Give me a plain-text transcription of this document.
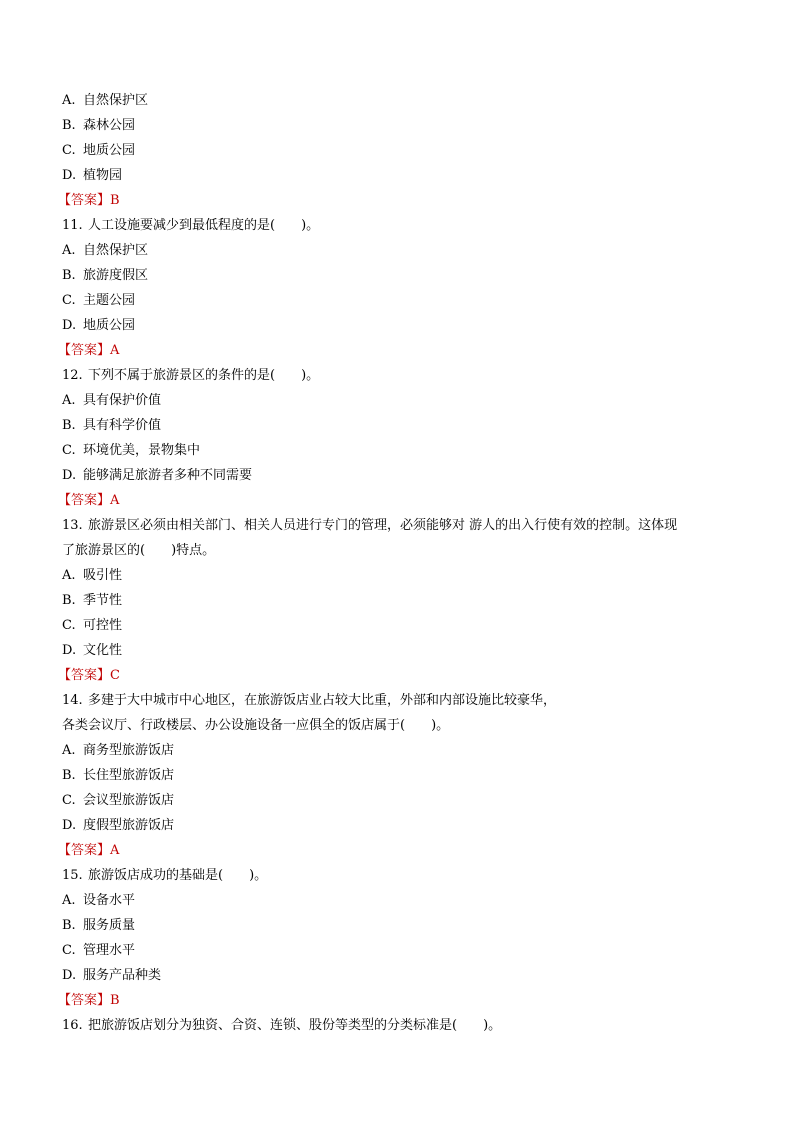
A. 自然保护区
B. 森林公园
C. 地质公园
D. 植物园
【答案】B
11. 人工设施要减少到最低程度的是(　　)。
A. 自然保护区
B. 旅游度假区
C. 主题公园
D. 地质公园
【答案】A
12. 下列不属于旅游景区的条件的是(　　)。
A. 具有保护价值
B. 具有科学价值
C. 环境优美，景物集中
D. 能够满足旅游者多种不同需要
【答案】A
13. 旅游景区必须由相关部门、相关人员进行专门的管理，必须能够对 游人的出入行使有效的控制。这体现
了旅游景区的(　　)特点。
A. 吸引性
B. 季节性
C. 可控性
D. 文化性
【答案】C
14. 多建于大中城市中心地区，在旅游饭店业占较大比重，外部和内部设施比较豪华，
各类会议厅、行政楼层、办公设施设备一应俱全的饭店属于(　　)。
A. 商务型旅游饭店
B. 长住型旅游饭店
C. 会议型旅游饭店
D. 度假型旅游饭店
【答案】A
15. 旅游饭店成功的基础是(　　)。
A. 设备水平
B. 服务质量
C. 管理水平
D. 服务产品种类
【答案】B
16. 把旅游饭店划分为独资、合资、连锁、股份等类型的分类标准是(　　)。
